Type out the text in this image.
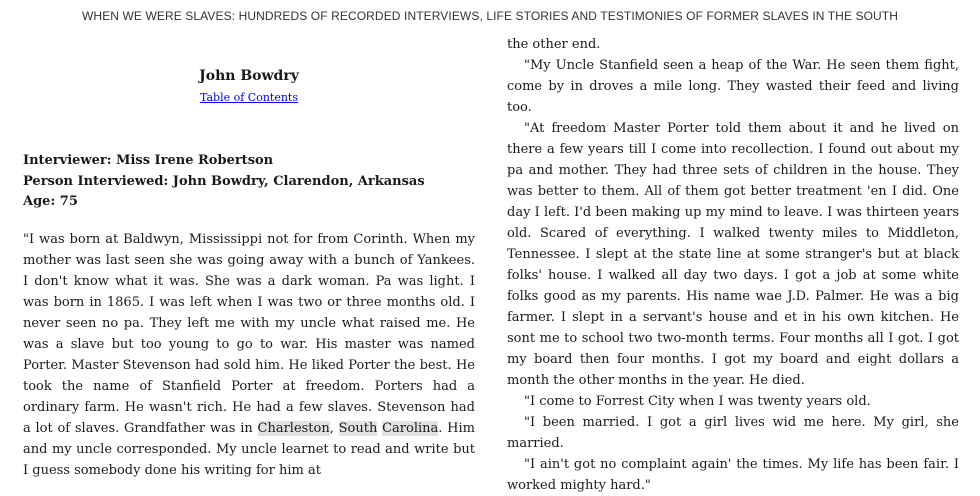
WHEN WE WERE SLAVES: HUNDREDS OF RECORDED INTERVIEWS, LIFE STORIES AND TESTIMONIES OF FORMER SLAVES IN THE SOUTH
John Bowdry
Table of Contents

Interviewer: Miss Irene Robertson

Person Interviewed: John Bowdry, Clarendon, Arkansas

Age: 75

"I was born at Baldwyn, Mississippi not for from Corinth. When my mother was last seen she was going away with a bunch of Yankees. I don't know what it was. She was a dark woman. Pa was light. I was born in 1865. I was left when I was two or three months old. I never seen no pa. They left me with my uncle what raised me. He was a slave but too young to go to war. His master was named Porter. Master Stevenson had sold him. He liked Porter the best. He took the name of Stanfield Porter at freedom. Porters had a ordinary farm. He wasn't rich. He had a few slaves. Stevenson had a lot of slaves. Grandfather was in Charleston, South Carolina. Him and my uncle corresponded. My uncle learnet to read and write but I guess somebody done his writing for him at

the other end.

"My Uncle Stanfield seen a heap of the War. He seen them fight, come by in droves a mile long. They wasted their feed and living too.

"At freedom Master Porter told them about it and he lived on there a few years till I come into recollection. I found out about my pa and mother. They had three sets of children in the house. They was better to them. All of them got better treatment 'en I did. One day I left. I'd been making up my mind to leave. I was thirteen years old. Scared of everything. I walked twenty miles to Middleton, Tennessee. I slept at the state line at some stranger's but at black folks' house. I walked all day two days. I got a job at some white folks good as my parents. His name wae J.D. Palmer. He was a big farmer. I slept in a servant's house and et in his own kitchen. He sont me to school two two-month terms. Four months all I got. I got my board then four months. I got my board and eight dollars a month the other months in the year. He died.

"I come to Forrest City when I was twenty years old.

"I been married. I got a girl lives wid me here. My girl, she married.

"I ain't got no complaint again' the times. My life has been fair. I worked mighty hard."
